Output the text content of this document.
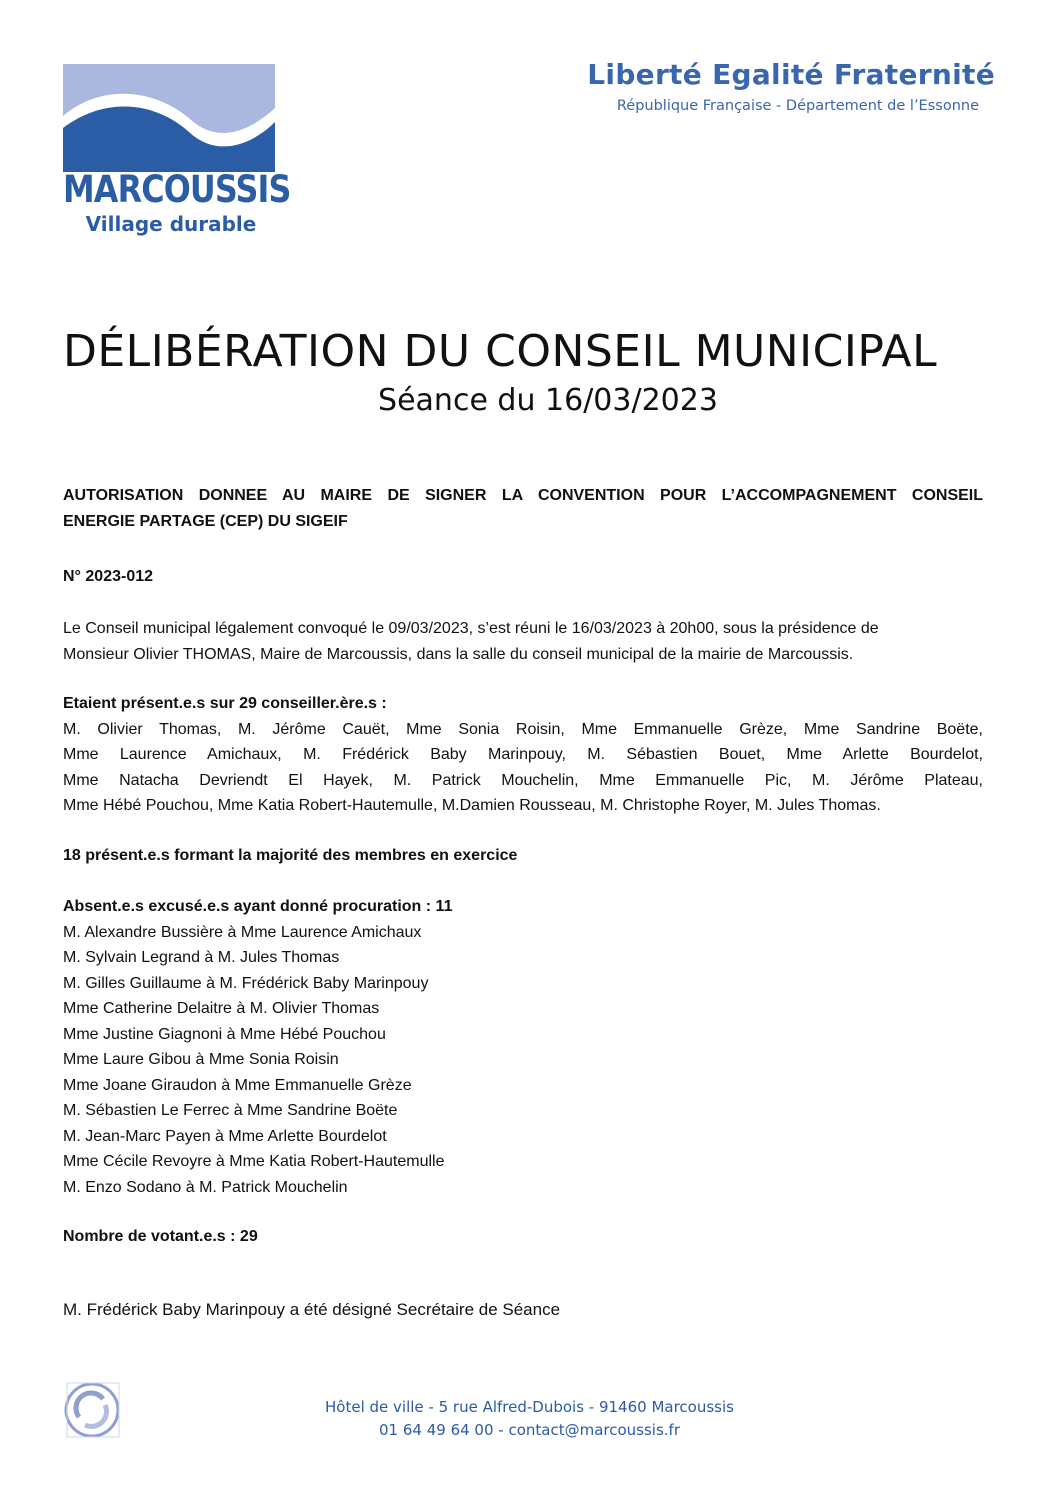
MARCOUSSIS
Village durable
Liberté Egalité Fraternité
République Française - Département de l’Essonne
DÉLIBÉRATION DU CONSEIL MUNICIPAL
Séance du 16/03/2023
AUTORISATION DONNEE AU MAIRE DE SIGNER LA CONVENTION POUR L’ACCOMPAGNEMENT CONSEIL
ENERGIE PARTAGE (CEP) DU SIGEIF
N° 2023-012
Le Conseil municipal légalement convoqué le 09/03/2023, s’est réuni le 16/03/2023 à 20h00, sous la présidence de
Monsieur Olivier THOMAS, Maire de Marcoussis, dans la salle du conseil municipal de la mairie de Marcoussis.
Etaient présent.e.s sur 29 conseiller.ère.s :
M. Olivier Thomas, M. Jérôme Cauët, Mme Sonia Roisin, Mme Emmanuelle Grèze, Mme Sandrine Boëte,
Mme Laurence Amichaux, M. Frédérick Baby Marinpouy, M. Sébastien Bouet, Mme Arlette Bourdelot,
Mme Natacha Devriendt El Hayek, M. Patrick Mouchelin, Mme Emmanuelle Pic, M. Jérôme Plateau,
Mme Hébé Pouchou, Mme Katia Robert-Hautemulle, M.Damien Rousseau, M. Christophe Royer, M. Jules Thomas.
18 présent.e.s formant la majorité des membres en exercice
Absent.e.s excusé.e.s ayant donné procuration : 11
M. Alexandre Bussière à Mme Laurence Amichaux
M. Sylvain Legrand à M. Jules Thomas
M. Gilles Guillaume à M. Frédérick Baby Marinpouy
Mme Catherine Delaitre à M. Olivier Thomas
Mme Justine Giagnoni à Mme Hébé Pouchou
Mme Laure Gibou à Mme Sonia Roisin
Mme Joane Giraudon à Mme Emmanuelle Grèze
M. Sébastien Le Ferrec à Mme Sandrine Boëte
M. Jean-Marc Payen à Mme Arlette Bourdelot
Mme Cécile Revoyre à Mme Katia Robert-Hautemulle
M. Enzo Sodano à M. Patrick Mouchelin
Nombre de votant.e.s : 29
M. Frédérick Baby Marinpouy a été désigné Secrétaire de Séance
Hôtel de ville - 5 rue Alfred-Dubois - 91460 Marcoussis
01 64 49 64 00 - contact@marcoussis.fr
